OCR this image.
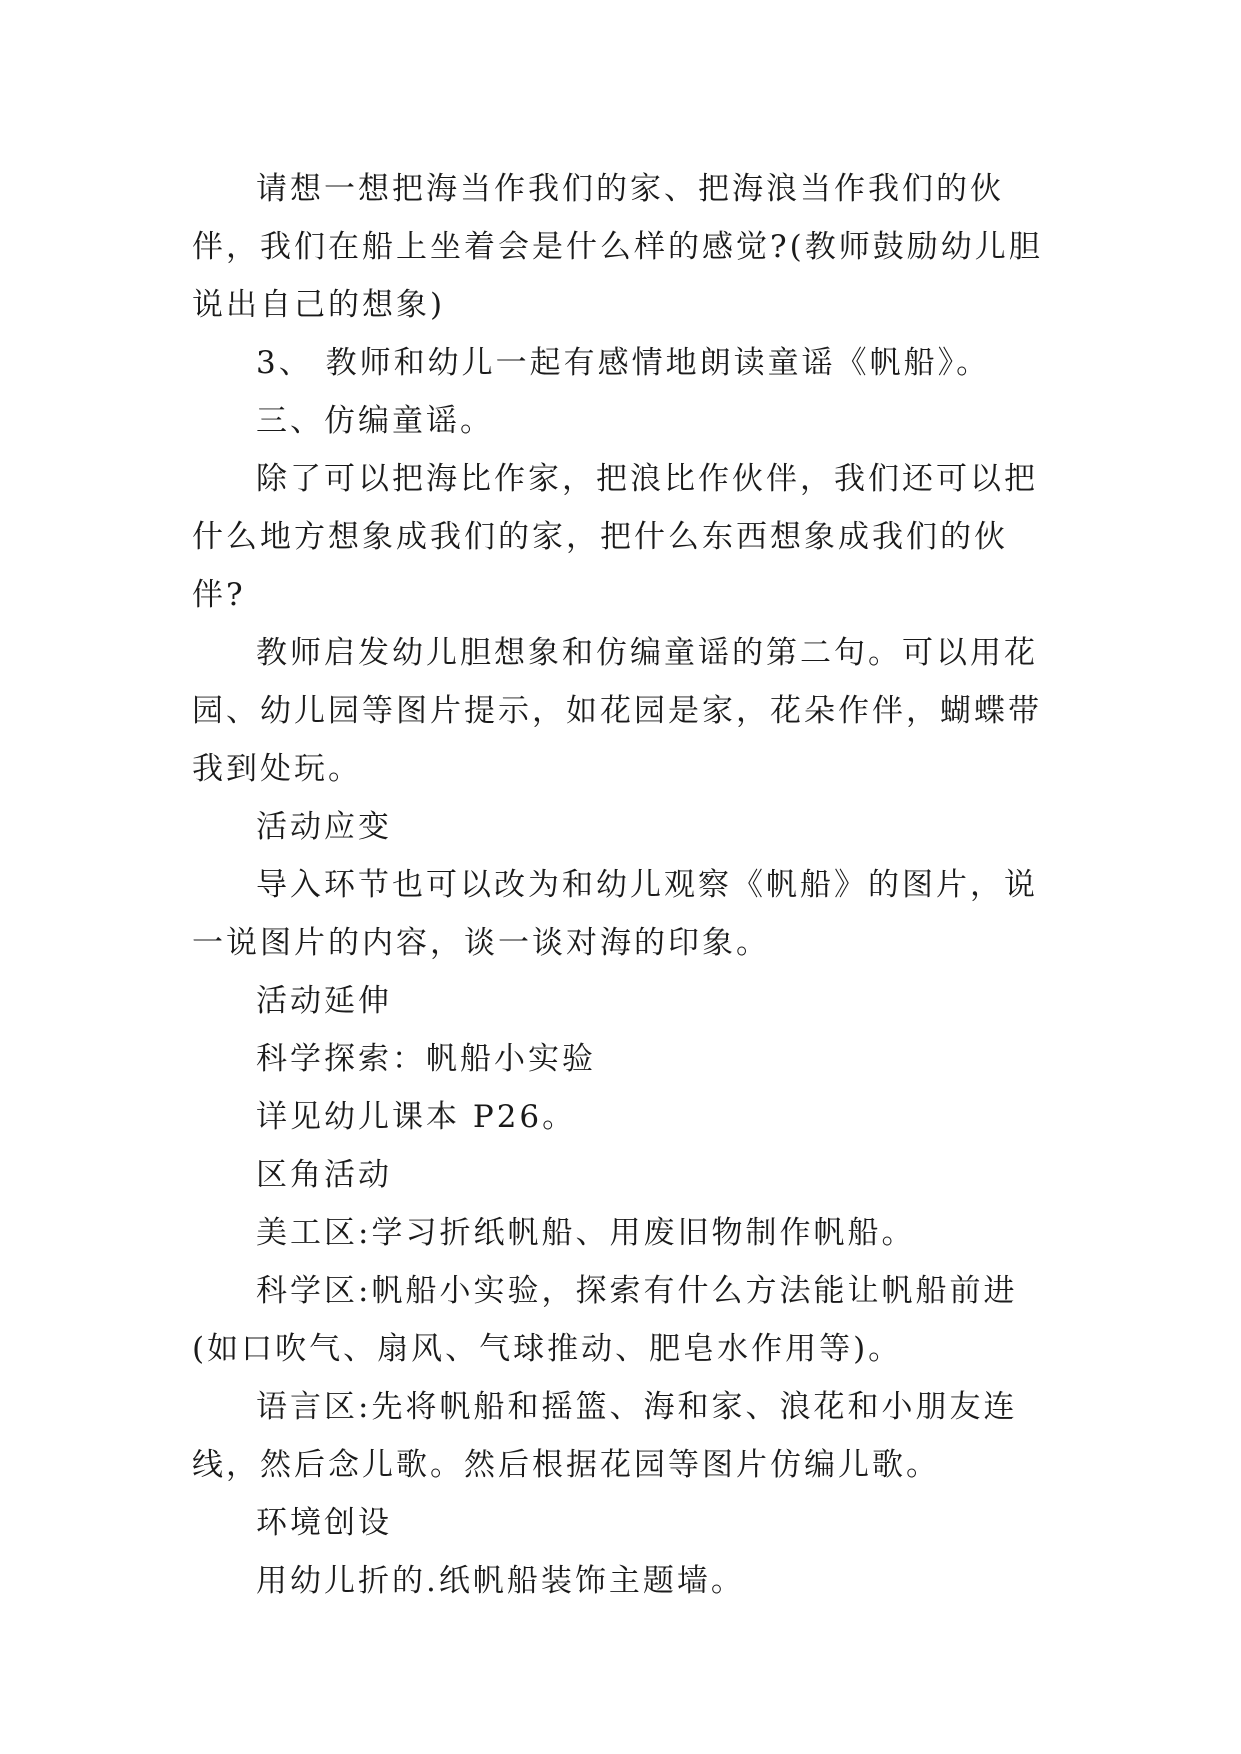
请想一想把海当作我们的家、把海浪当作我们的伙伴，我们在船上坐着会是什么样的感觉?(教师鼓励幼儿胆说出自己的想象)

3、 教师和幼儿一起有感情地朗读童谣《帆船》。

三、仿编童谣。

除了可以把海比作家，把浪比作伙伴，我们还可以把什么地方想象成我们的家，把什么东西想象成我们的伙伴?

教师启发幼儿胆想象和仿编童谣的第二句。可以用花园、幼儿园等图片提示，如花园是家，花朵作伴，蝴蝶带我到处玩。

活动应变

导入环节也可以改为和幼儿观察《帆船》的图片，说一说图片的内容，谈一谈对海的印象。

活动延伸

科学探索：帆船小实验

详见幼儿课本 P26。

区角活动

美工区:学习折纸帆船、用废旧物制作帆船。

科学区:帆船小实验，探索有什么方法能让帆船前进(如口吹气、扇风、气球推动、肥皂水作用等)。

语言区:先将帆船和摇篮、海和家、浪花和小朋友连线，然后念儿歌。然后根据花园等图片仿编儿歌。

环境创设

用幼儿折的.纸帆船装饰主题墙。
